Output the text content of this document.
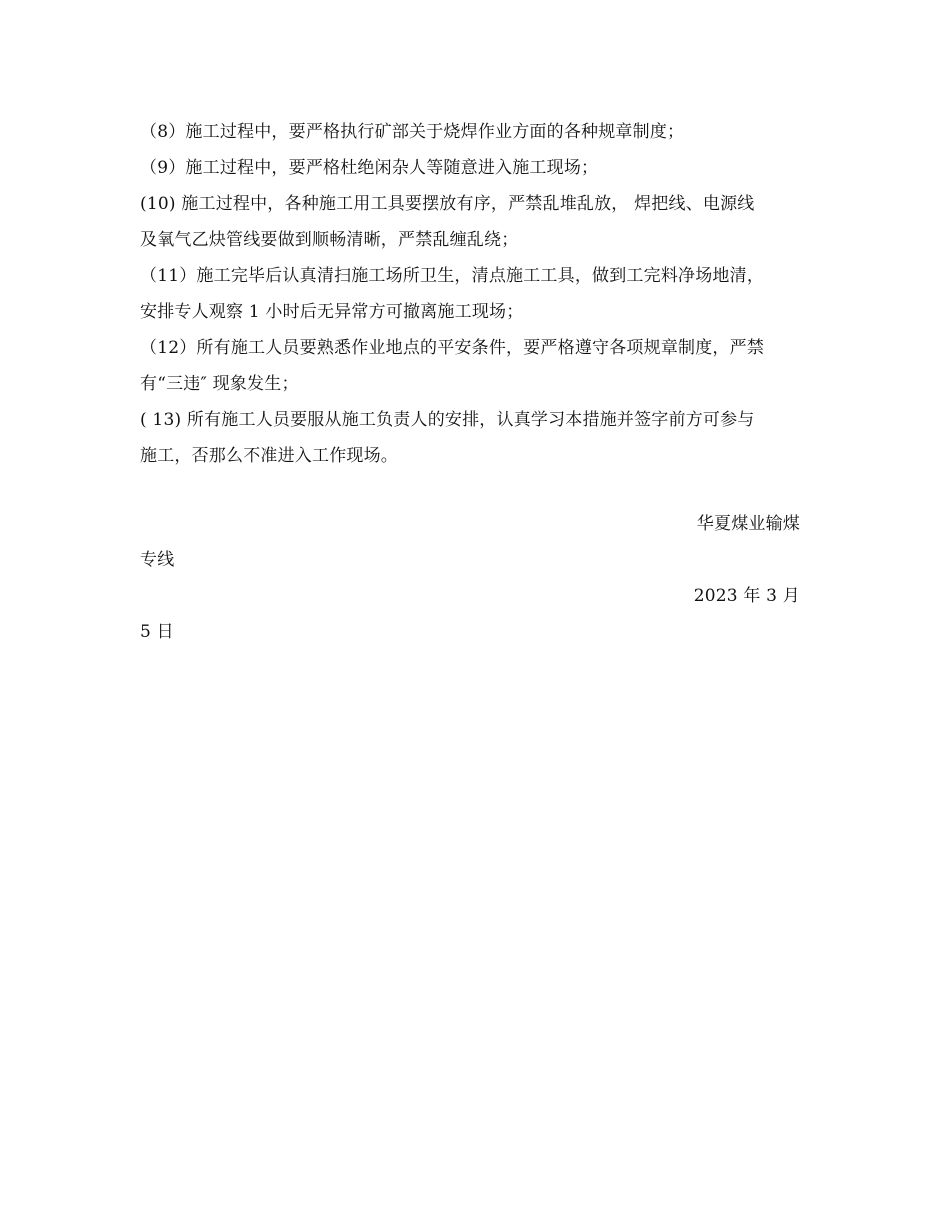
（8）施工过程中，要严格执行矿部关于烧焊作业方面的各种规章制度；
（9）施工过程中，要严格杜绝闲杂人等随意进入施工现场；
(10) 施工过程中，各种施工用工具要摆放有序，严禁乱堆乱放， 焊把线、电源线
及氧气乙炔管线要做到顺畅清晰，严禁乱缠乱绕；
（11）施工完毕后认真清扫施工场所卫生，清点施工工具，做到工完料净场地清，
安排专人观察 1 小时后无异常方可撤离施工现场；
（12）所有施工人员要熟悉作业地点的平安条件，要严格遵守各项规章制度，严禁
有“三违″ 现象发生；
( 13) 所有施工人员要服从施工负责人的安排，认真学习本措施并签字前方可参与
施工，否那么不准进入工作现场。
华夏煤业输煤
专线
2023 年 3 月
5 日
